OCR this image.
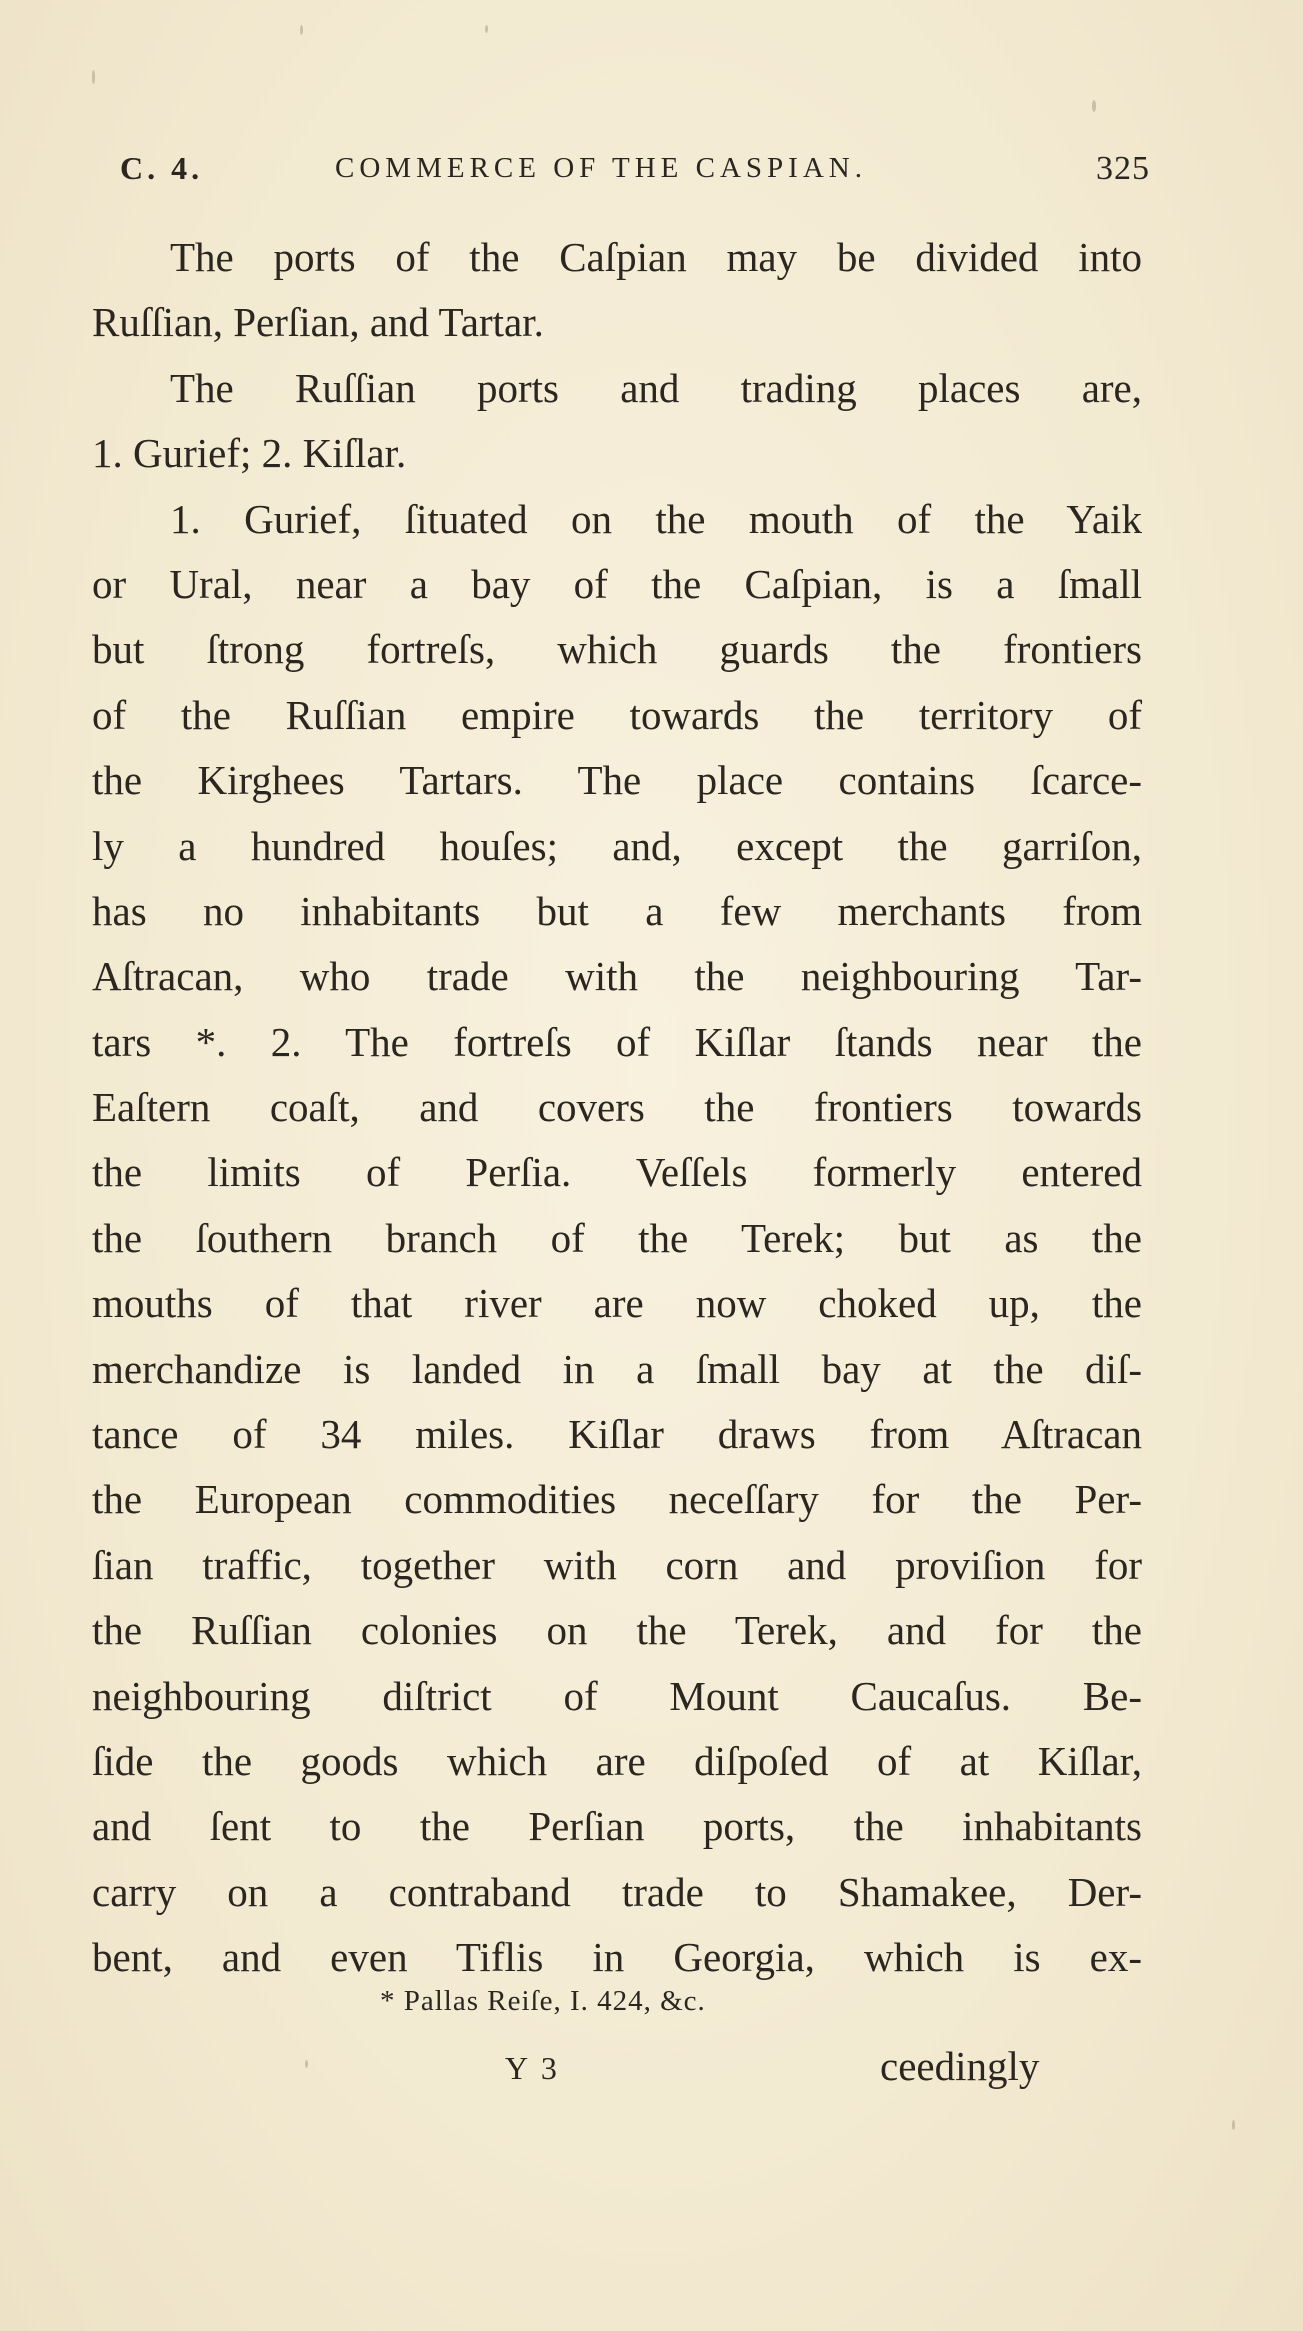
C. 4.	COMMERCE OF THE CASPIAN.	325
The ports of the Caſpian may be divided into
Ruſſian, Perſian, and Tartar.
The Ruſſian ports and trading places are,
1. Gurief; 2. Kiſlar.
1. Gurief, ſituated on the mouth of the Yaik
or Ural, near a bay of the Caſpian, is a ſmall
but ſtrong fortreſs, which guards the frontiers
of the Ruſſian empire towards the territory of
the Kirghees Tartars. The place contains ſcarce-
ly a hundred houſes; and, except the garriſon,
has no inhabitants but a few merchants from
Aſtracan, who trade with the neighbouring Tar-
tars *. 2. The fortreſs of Kiſlar ſtands near the
Eaſtern coaſt, and covers the frontiers towards
the limits of Perſia. Veſſels formerly entered
the ſouthern branch of the Terek; but as the
mouths of that river are now choked up, the
merchandize is landed in a ſmall bay at the diſ-
tance of 34 miles. Kiſlar draws from Aſtracan
the European commodities neceſſary for the Per-
ſian traffic, together with corn and proviſion for
the Ruſſian colonies on the Terek, and for the
neighbouring diſtrict of Mount Caucaſus. Be-
ſide the goods which are diſpoſed of at Kiſlar,
and ſent to the Perſian ports, the inhabitants
carry on a contraband trade to Shamakee, Der-
bent, and even Tiflis in Georgia, which is ex-
* Pallas Reiſe, I. 424, &c.
Y 3	ceedingly
